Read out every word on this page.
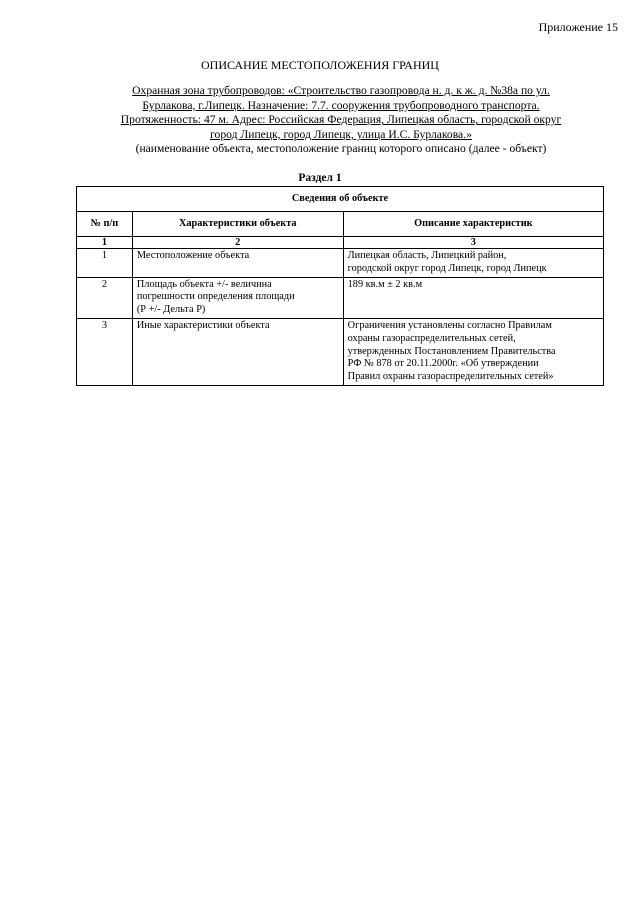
Приложение 15
ОПИСАНИЕ МЕСТОПОЛОЖЕНИЯ ГРАНИЦ
Охранная зона трубопроводов: «Строительство газопровода н. д. к ж. д. №38а по ул.
Бурлакова, г.Липецк. Назначение: 7.7. сооружения трубопроводного транспорта.
Протяженность: 47 м. Адрес: Российская Федерация, Липецкая область, городской округ
город Липецк, город Липецк, улица И.С. Бурлакова.»
(наименование объекта, местоположение границ которого описано (далее - объект)
Раздел 1
Сведения об объекте		
№ п/п	Характеристики объекта	Описание характеристик
1	2	3
1	Местоположение объекта	Липецкая область, Липецкий район,
городской округ город Липецк, город Липецк

2	Площадь объекта +/- величина
погрешности определения площади
(Р +/- Дельта Р)	189 кв.м ± 2 кв.м

3	Иные характеристики объекта	Ограничения установлены согласно Правилам
охраны газораспределительных сетей,
утвержденных Постановлением Правительства
РФ № 878 от 20.11.2000г. «Об утверждении
Правил охраны газораспределительных сетей»
